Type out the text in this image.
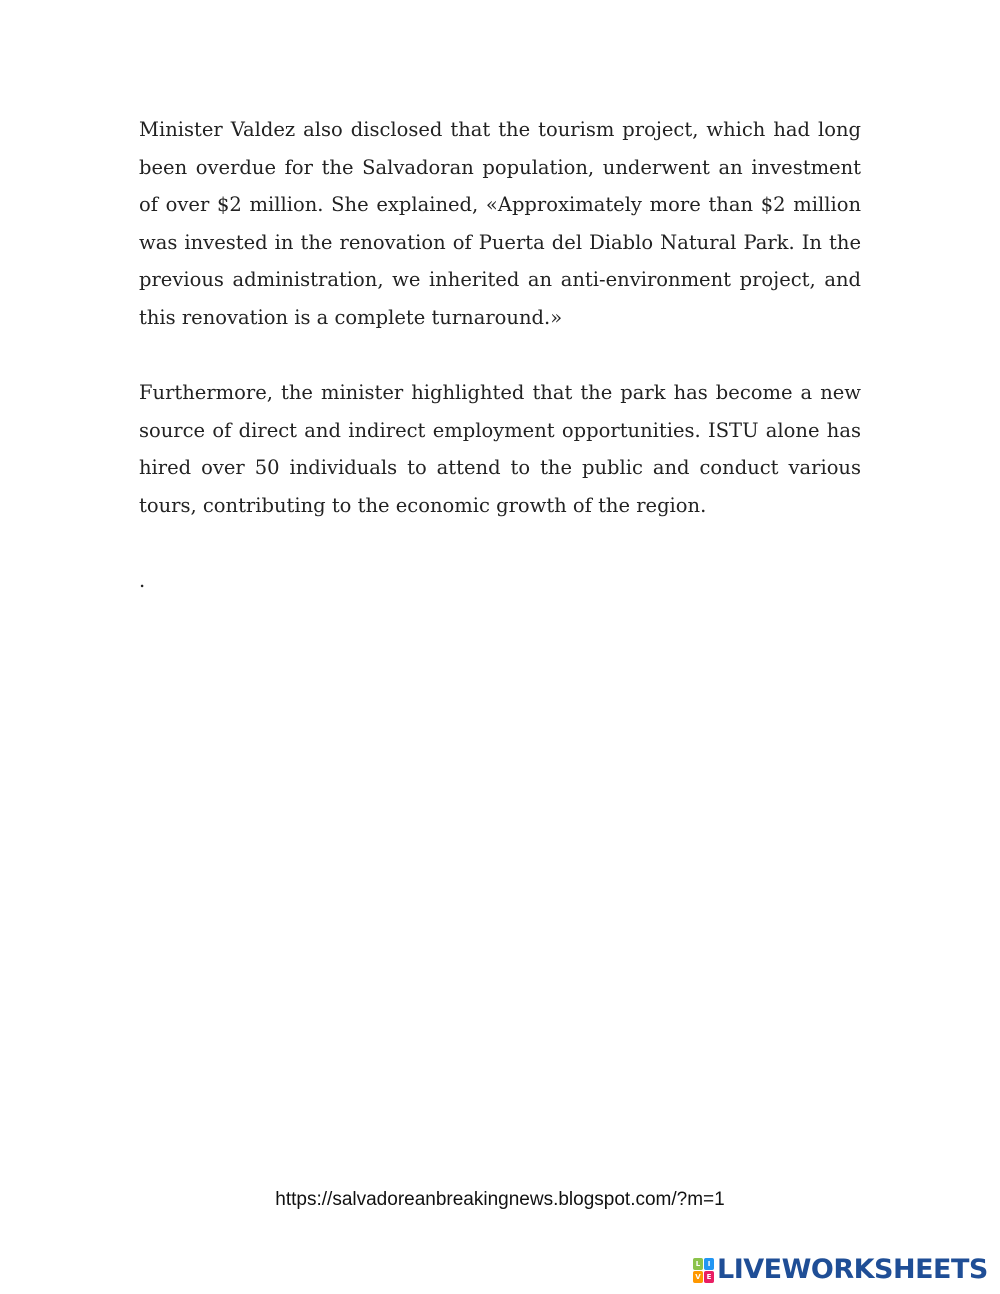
Minister Valdez also disclosed that the tourism project, which had long been overdue for the Salvadoran population, underwent an investment of over $2 million. She explained, «Approximately more than $2 million was invested in the renovation of Puerta del Diablo Natural Park. In the previous administration, we inherited an anti-environment project, and this renovation is a complete turnaround.»

Furthermore, the minister highlighted that the park has become a new source of direct and indirect employment opportunities. ISTU alone has hired over 50 individuals to attend to the public and conduct various tours, contributing to the economic growth of the region.

.

https://salvadoreanbreakingnews.blogspot.com/?m=1
L	I
V E LIVEWORKSHEETS
